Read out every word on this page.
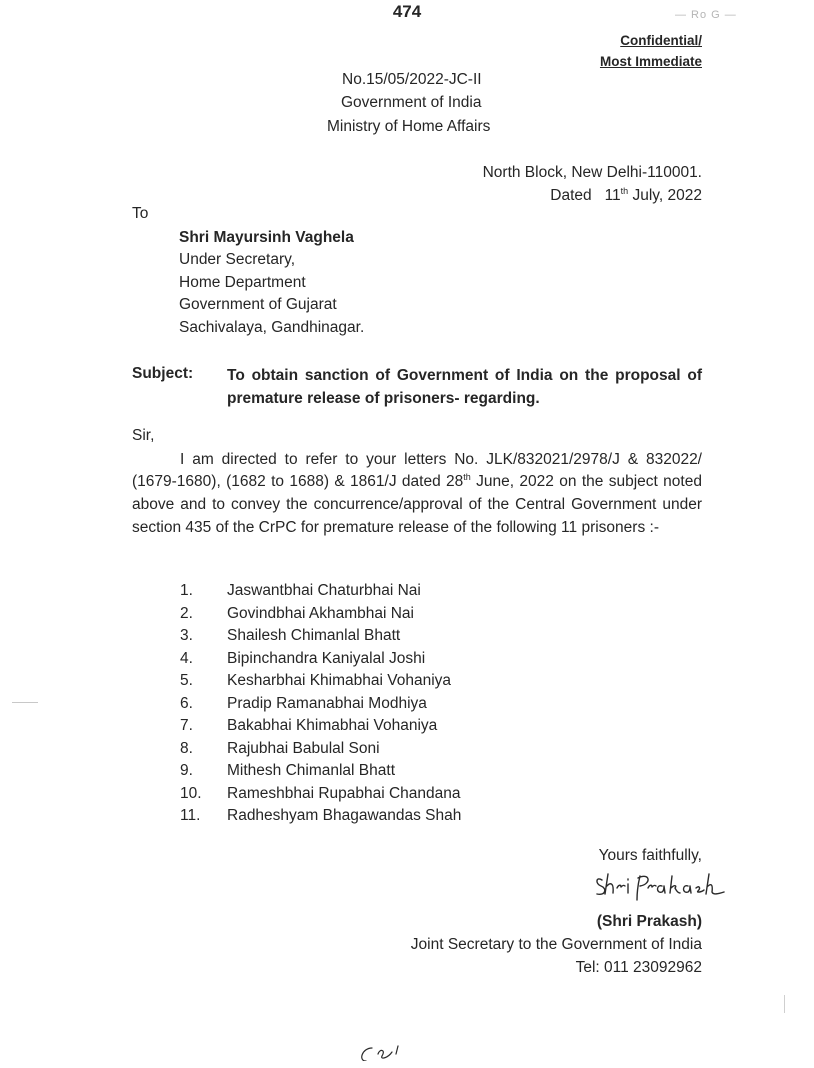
474	— Ro G —
Confidential/
Most Immediate
No.15/05/2022-JC-II
Government of India
Ministry of Home Affairs
North Block, New Delhi-110001.
Dated 11th July, 2022
To
Shri Mayursinh Vaghela
Under Secretary,
Home Department
Government of Gujarat
Sachivalaya, Gandhinagar.
Subject: To obtain sanction of Government of India on the proposal of premature release of prisoners- regarding.
Sir,
I am directed to refer to your letters No. JLK/832021/2978/J & 832022/ (1679-1680), (1682 to 1688) & 1861/J dated 28th June, 2022 on the subject noted above and to convey the concurrence/approval of the Central Government under section 435 of the CrPC for premature release of the following 11 prisoners :-
1.	Jaswantbhai Chaturbhai Nai
2.	Govindbhai Akhambhai Nai
3.	Shailesh Chimanlal Bhatt
4.	Bipinchandra Kaniyalal Joshi
5.	Kesharbhai Khimabhai Vohaniya
6.	Pradip Ramanabhai Modhiya
7.	Bakabhai Khimabhai Vohaniya
8.	Rajubhai Babulal Soni
9.	Mithesh Chimanlal Bhatt
10.	Rameshbhai Rupabhai Chandana
11.	Radheshyam Bhagawandas Shah
Yours faithfully,
(Shri Prakash)
Joint Secretary to the Government of India
Tel: 011 23092962
